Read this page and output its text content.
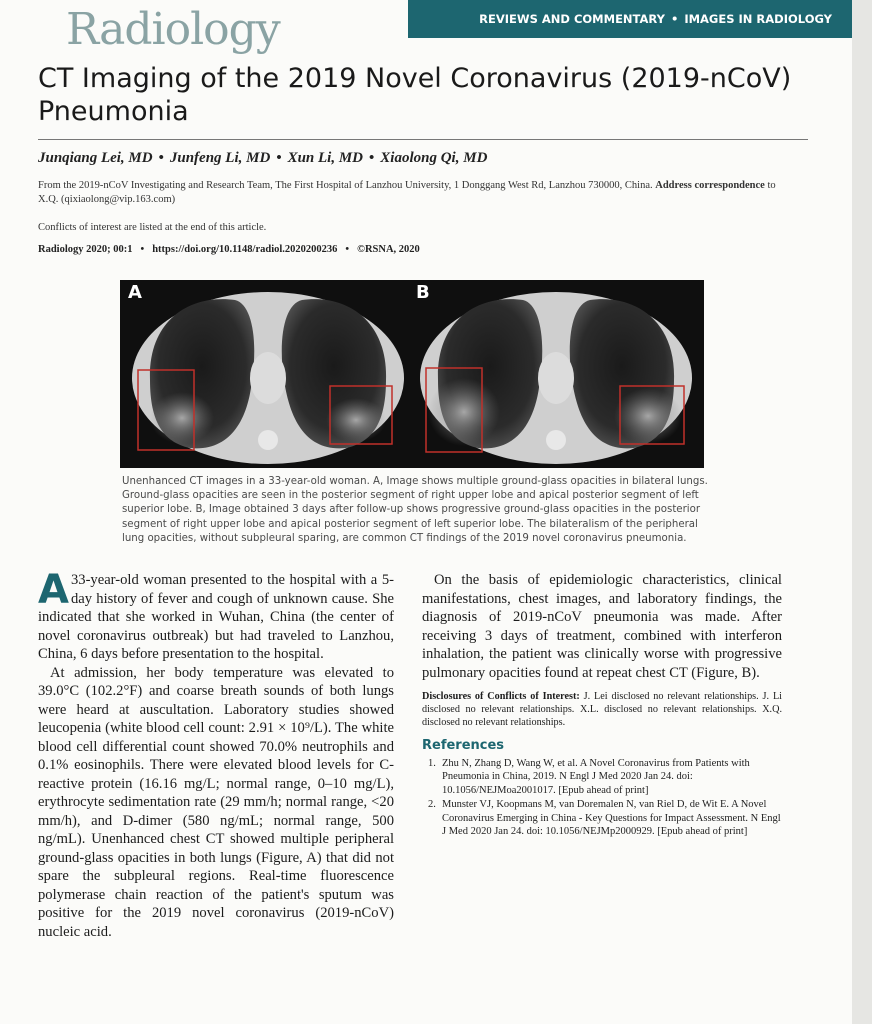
Radiology	REVIEWS AND COMMENTARY • IMAGES IN RADIOLOGY
CT Imaging of the 2019 Novel Coronavirus (2019-nCoV) Pneumonia
Junqiang Lei, MD • Junfeng Li, MD • Xun Li, MD • Xiaolong Qi, MD
From the 2019-nCoV Investigating and Research Team, The First Hospital of Lanzhou University, 1 Donggang West Rd, Lanzhou 730000, China. Address correspondence to X.Q. (qixiaolong@vip.163.com)
Conflicts of interest are listed at the end of this article.
Radiology 2020; 00:1 • https://doi.org/10.1148/radiol.2020200236 • ©RSNA, 2020
A	B
Unenhanced CT images in a 33-year-old woman. A, Image shows multiple ground-glass opacities in bilateral lungs. Ground-glass opacities are seen in the posterior segment of right upper lobe and apical posterior segment of left superior lobe. B, Image obtained 3 days after follow-up shows progressive ground-glass opacities in the posterior segment of right upper lobe and apical posterior segment of left superior lobe. The bilateralism of the peripheral lung opacities, without subpleural sparing, are common CT findings of the 2019 novel coronavirus pneumonia.

A 33-year-old woman presented to the hospital with a 5-day history of fever and cough of unknown cause. She indicated that she worked in Wuhan, China (the center of novel coronavirus outbreak) but had traveled to Lanzhou, China, 6 days before presentation to the hospital.

At admission, her body temperature was elevated to 39.0°C (102.2°F) and coarse breath sounds of both lungs were heard at auscultation. Laboratory studies showed leucopenia (white blood cell count: 2.91 × 10⁹/L). The white blood cell differential count showed 70.0% neutrophils and 0.1% eosinophils. There were elevated blood levels for C-reactive protein (16.16 mg/L; normal range, 0–10 mg/L), erythrocyte sedimentation rate (29 mm/h; normal range, <20 mm/h), and D-dimer (580 ng/mL; normal range, 500 ng/mL). Unenhanced chest CT showed multiple peripheral ground-glass opacities in both lungs (Figure, A) that did not spare the subpleural regions. Real-time fluorescence polymerase chain reaction of the patient's sputum was positive for the 2019 novel coronavirus (2019-nCoV) nucleic acid.

On the basis of epidemiologic characteristics, clinical manifestations, chest images, and laboratory findings, the diagnosis of 2019-nCoV pneumonia was made. After receiving 3 days of treatment, combined with interferon inhalation, the patient was clinically worse with progressive pulmonary opacities found at repeat chest CT (Figure, B).

Disclosures of Conflicts of Interest: J. Lei disclosed no relevant relationships. J. Li disclosed no relevant relationships. X.L. disclosed no relevant relationships. X.Q. disclosed no relevant relationships.

References
1. Zhu N, Zhang D, Wang W, et al. A Novel Coronavirus from Patients with Pneumonia in China, 2019. N Engl J Med 2020 Jan 24. doi: 10.1056/NEJMoa2001017. [Epub ahead of print]
2. Munster VJ, Koopmans M, van Doremalen N, van Riel D, de Wit E. A Novel Coronavirus Emerging in China - Key Questions for Impact Assessment. N Engl J Med 2020 Jan 24. doi: 10.1056/NEJMp2000929. [Epub ahead of print]
